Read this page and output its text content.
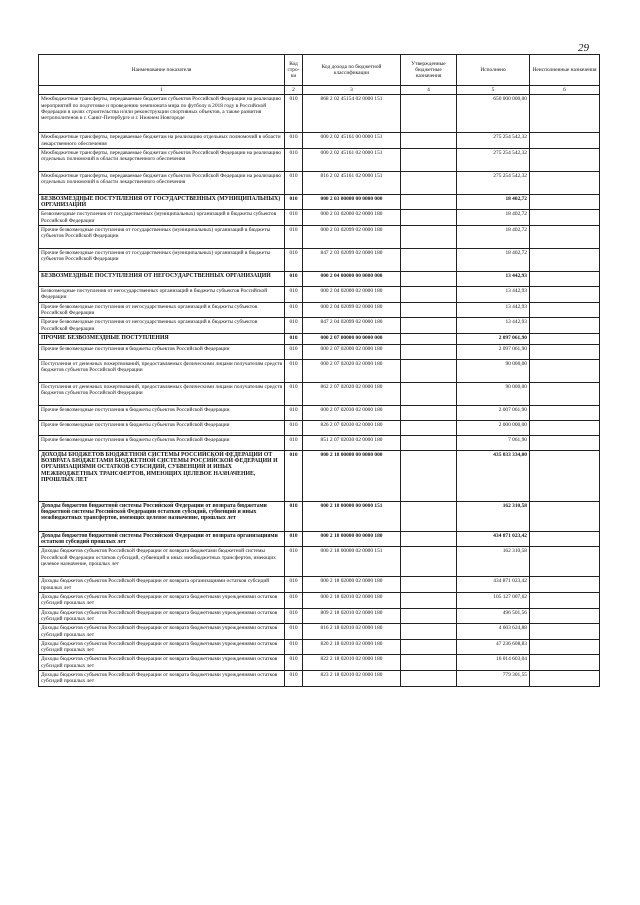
29
Наименование показателя	Код стро-ки	Код дохода по бюджетной классификации	Утвержденные бюджетные назначения	Исполнено	Неисполненные назначения
1	2	3	4	5	6
Межбюджетные трансферты, передаваемые бюджетам субъектов Российской Федерации на реализацию мероприятий по подготовке и проведению чемпионата мира по футболу в 2018 году в Российской Федерации в целях строительства и/или реконструкции спортивных объектов, а также развития метрополитенов в г. Санкт-Петербурге и г. Нижнем Новгороде	010	868 2 02 45154 02 0000 151		650 000 000,00	
Межбюджетные трансферты, передаваемые бюджетам на реализацию отдельных полномочий в области лекарственного обеспечения	010	000 2 02 45161 00 0000 151		275 254 542,32	
Межбюджетные трансферты, передаваемые бюджетам субъектов Российской Федерации на реализацию отдельных полномочий в области лекарственного обеспечения	010	000 2 02 45161 02 0000 151		275 254 542,32	
Межбюджетные трансферты, передаваемые бюджетам субъектов Российской Федерации на реализацию отдельных полномочий в области лекарственного обеспечения	010	816 2 02 45161 02 0000 151		275 254 542,32	
БЕЗВОЗМЕЗДНЫЕ ПОСТУПЛЕНИЯ ОТ ГОСУДАРСТВЕННЫХ (МУНИЦИПАЛЬНЫХ) ОРГАНИЗАЦИЙ	010	000 2 03 00000 00 0000 000		18 402,72	
Безвозмездные поступления от государственных (муниципальных) организаций в бюджеты субъектов Российской Федерации	010	000 2 03 02000 02 0000 180		18 402,72	
Прочие безвозмездные поступления от государственных (муниципальных) организаций в бюджеты субъектов Российской Федерации	010	000 2 03 02099 02 0000 180		18 402,72	
Прочие безвозмездные поступления от государственных (муниципальных) организаций в бюджеты субъектов Российской Федерации	010	847 2 03 02099 02 0000 180		18 402,72	
БЕЗВОЗМЕЗДНЫЕ ПОСТУПЛЕНИЯ ОТ НЕГОСУДАРСТВЕННЫХ ОРГАНИЗАЦИЙ	010	000 2 04 00000 00 0000 000		13 442,93	
Безвозмездные поступления от негосударственных организаций в бюджеты субъектов Российской Федерации	010	000 2 04 02000 02 0000 180		13 442,93	
Прочие безвозмездные поступления от негосударственных организаций в бюджеты субъектов Российской Федерации	010	000 2 04 02099 02 0000 180		13 442,93	
Прочие безвозмездные поступления от негосударственных организаций в бюджеты субъектов Российской Федерации	010	847 2 04 02099 02 0000 180		13 442,93	
ПРОЧИЕ БЕЗВОЗМЕЗДНЫЕ ПОСТУПЛЕНИЯ	010	000 2 07 00000 00 0000 000		2 097 061,90	
Прочие безвозмездные поступления в бюджеты субъектов Российской Федерации	010	000 2 07 02000 02 0000 180		2 097 061,90	
Поступления от денежных пожертвований, предоставляемых физическими лицами получателям средств бюджетов субъектов Российской Федерации	010	000 2 07 02020 02 0000 180		90 000,00	
Поступления от денежных пожертвований, предоставляемых физическими лицами получателям средств бюджетов субъектов Российской Федерации	010	862 2 07 02020 02 0000 180		90 000,00	
Прочие безвозмездные поступления в бюджеты субъектов Российской Федерации	010	000 2 07 02030 02 0000 180		2 007 061,90	
Прочие безвозмездные поступления в бюджеты субъектов Российской Федерации	010	826 2 07 02030 02 0000 180		2 000 000,00	
Прочие безвозмездные поступления в бюджеты субъектов Российской Федерации	010	851 2 07 02030 02 0000 180		7 061,90	
ДОХОДЫ БЮДЖЕТОВ БЮДЖЕТНОЙ СИСТЕМЫ РОССИЙСКОЙ ФЕДЕРАЦИИ ОТ ВОЗВРАТА БЮДЖЕТАМИ БЮДЖЕТНОЙ СИСТЕМЫ РОССИЙСКОЙ ФЕДЕРАЦИИ И ОРГАНИЗАЦИЯМИ ОСТАТКОВ СУБСИДИЙ, СУБВЕНЦИЙ И ИНЫХ МЕЖБЮДЖЕТНЫХ ТРАНСФЕРТОВ, ИМЕЮЩИХ ЦЕЛЕВОЕ НАЗНАЧЕНИЕ, ПРОШЛЫХ ЛЕТ	010	000 2 18 00000 00 0000 000		435 033 334,00	
Доходы бюджетов бюджетной системы Российской Федерации от возврата бюджетами бюджетной системы Российской Федерации остатков субсидий, субвенций и иных межбюджетных трансфертов, имеющих целевое назначение, прошлых лет	010	000 2 18 00000 00 0000 151		162 310,58	
Доходы бюджетов бюджетной системы Российской Федерации от возврата организациями остатков субсидий прошлых лет	010	000 2 18 00000 00 0000 180		434 871 023,42	
Доходы бюджетов субъектов Российской Федерации от возврата бюджетами бюджетной системы Российской Федерации остатков субсидий, субвенций и иных межбюджетных трансфертов, имеющих целевое назначение, прошлых лет	010	000 2 18 00000 02 0000 151		162 310,58	
Доходы бюджетов субъектов Российской Федерации от возврата организациями остатков субсидий прошлых лет	010	000 2 18 02000 02 0000 180		434 871 023,42	
Доходы бюджетов субъектов Российской Федерации от возврата бюджетными учреждениями остатков субсидий прошлых лет	010	000 2 18 02010 02 0000 180		105 127 007,62	
Доходы бюджетов субъектов Российской Федерации от возврата бюджетными учреждениями остатков субсидий прошлых лет	010	809 2 18 02010 02 0000 180		496 501,56	
Доходы бюджетов субъектов Российской Федерации от возврата бюджетными учреждениями остатков субсидий прошлых лет	010	816 2 18 02010 02 0000 180		4 603 624,88	
Доходы бюджетов субъектов Российской Федерации от возврата бюджетными учреждениями остатков субсидий прошлых лет	010	820 2 18 02010 02 0000 180		47 236 608,83	
Доходы бюджетов субъектов Российской Федерации от возврата бюджетными учреждениями остатков субсидий прошлых лет	010	822 2 18 02010 02 0000 180		16 014 603,04	
Доходы бюджетов субъектов Российской Федерации от возврата бюджетными учреждениями остатков субсидий прошлых лет	010	823 2 18 02010 02 0000 180		779 301,55	
